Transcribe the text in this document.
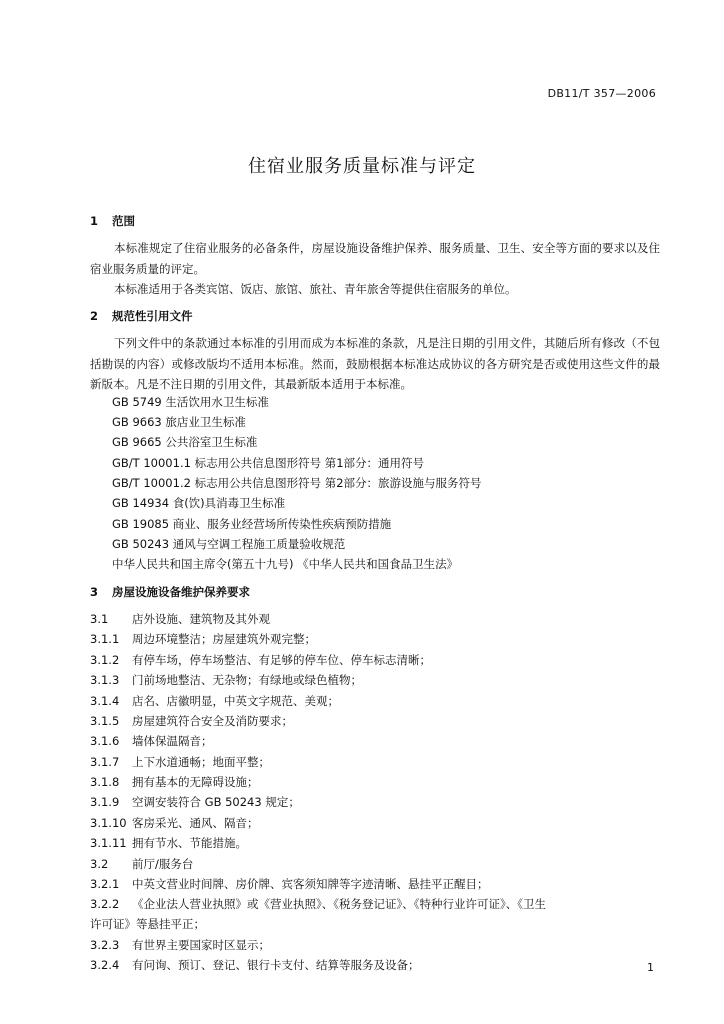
DB11/T 357—2006
住宿业服务质量标准与评定
1 范围
本标准规定了住宿业服务的必备条件，房屋设施设备维护保养、服务质量、卫生、安全等方面的要求以及住宿业服务质量的评定。
本标准适用于各类宾馆、饭店、旅馆、旅社、青年旅舍等提供住宿服务的单位。
2 规范性引用文件
下列文件中的条款通过本标准的引用而成为本标准的条款，凡是注日期的引用文件，其随后所有修改（不包括勘误的内容）或修改版均不适用本标准。然而，鼓励根据本标准达成协议的各方研究是否或使用这些文件的最新版本。凡是不注日期的引用文件，其最新版本适用于本标准。
GB 5749 生活饮用水卫生标准
GB 9663 旅店业卫生标准
GB 9665 公共浴室卫生标准
GB/T 10001.1 标志用公共信息图形符号 第1部分：通用符号
GB/T 10001.2 标志用公共信息图形符号 第2部分：旅游设施与服务符号
GB 14934 食(饮)具消毒卫生标准
GB 19085 商业、服务业经营场所传染性疾病预防措施
GB 50243 通风与空调工程施工质量验收规范
中华人民共和国主席令(第五十九号) 《中华人民共和国食品卫生法》
3 房屋设施设备维护保养要求
3.1 店外设施、建筑物及其外观
3.1.1 周边环境整洁；房屋建筑外观完整；
3.1.2 有停车场，停车场整洁、有足够的停车位、停车标志清晰；
3.1.3 门前场地整洁、无杂物；有绿地或绿色植物；
3.1.4 店名、店徽明显，中英文字规范、美观；
3.1.5 房屋建筑符合安全及消防要求；
3.1.6 墙体保温隔音；
3.1.7 上下水道通畅；地面平整；
3.1.8 拥有基本的无障碍设施；
3.1.9 空调安装符合 GB 50243 规定；
3.1.10 客房采光、通风、隔音；
3.1.11 拥有节水、节能措施。
3.2 前厅/服务台
3.2.1 中英文营业时间牌、房价牌、宾客须知牌等字迹清晰、悬挂平正醒目；
3.2.2 《企业法人营业执照》或《营业执照》、《税务登记证》、《特种行业许可证》、《卫生
许可证》等悬挂平正；
3.2.3 有世界主要国家时区显示；
3.2.4 有问询、预订、登记、银行卡支付、结算等服务及设备；	1
